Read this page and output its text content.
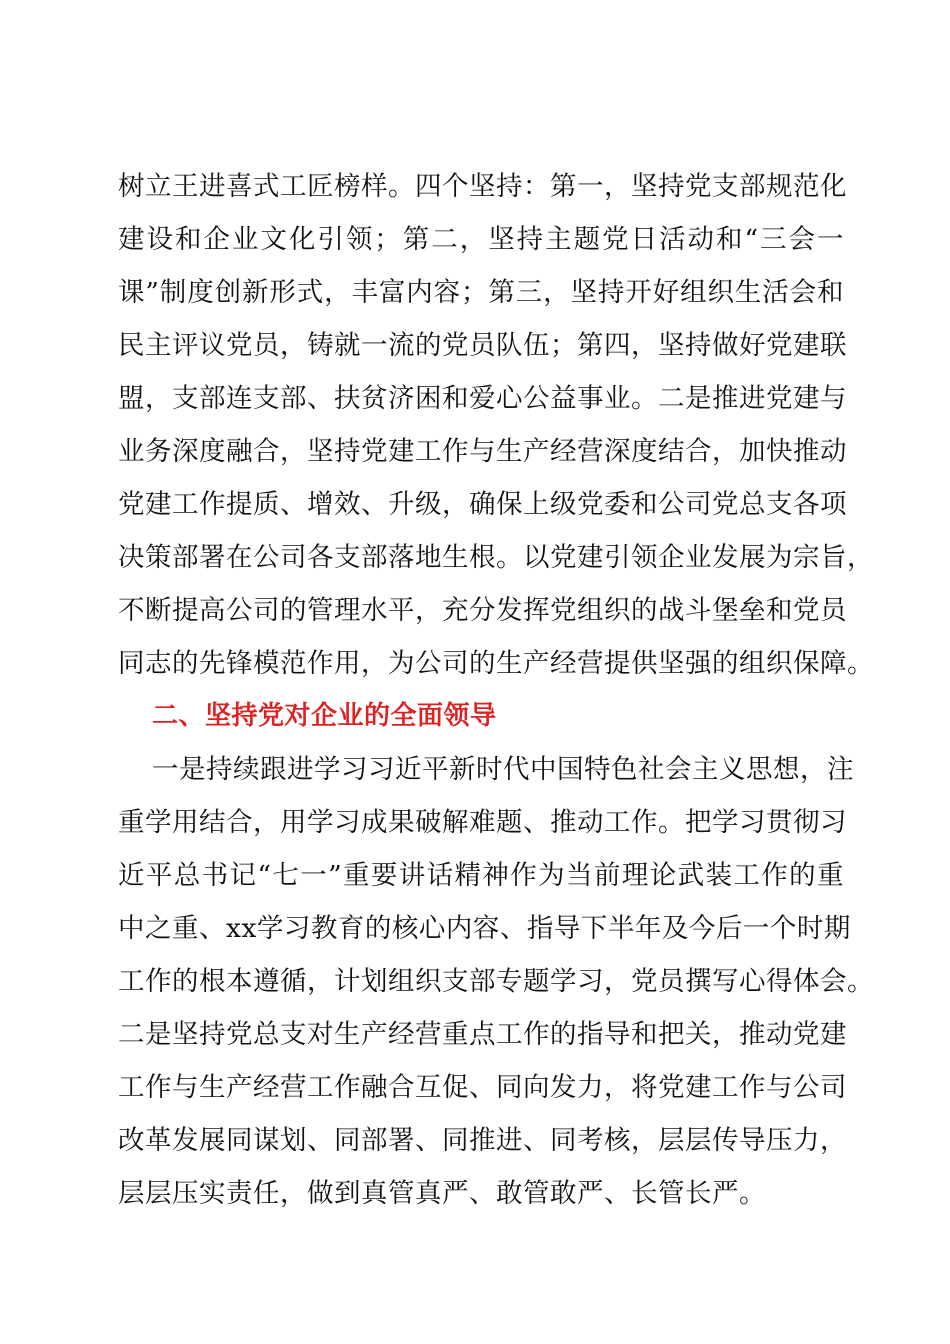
树立王进喜式工匠榜样。四个坚持：第一，坚持党支部规范化
建设和企业文化引领；第二，坚持主题党日活动和“三会一
课”制度创新形式，丰富内容；第三，坚持开好组织生活会和
民主评议党员，铸就一流的党员队伍；第四，坚持做好党建联
盟，支部连支部、扶贫济困和爱心公益事业。二是推进党建与
业务深度融合，坚持党建工作与生产经营深度结合，加快推动
党建工作提质、增效、升级，确保上级党委和公司党总支各项
决策部署在公司各支部落地生根。以党建引领企业发展为宗旨，
不断提高公司的管理水平，充分发挥党组织的战斗堡垒和党员
同志的先锋模范作用，为公司的生产经营提供坚强的组织保障。
二、坚持党对企业的全面领导
一是持续跟进学习习近平新时代中国特色社会主义思想，注
重学用结合，用学习成果破解难题、推动工作。把学习贯彻习
近平总书记“七一”重要讲话精神作为当前理论武装工作的重
中之重、xx学习教育的核心内容、指导下半年及今后一个时期
工作的根本遵循，计划组织支部专题学习，党员撰写心得体会。
二是坚持党总支对生产经营重点工作的指导和把关，推动党建
工作与生产经营工作融合互促、同向发力，将党建工作与公司
改革发展同谋划、同部署、同推进、同考核，层层传导压力，
层层压实责任，做到真管真严、敢管敢严、长管长严。
